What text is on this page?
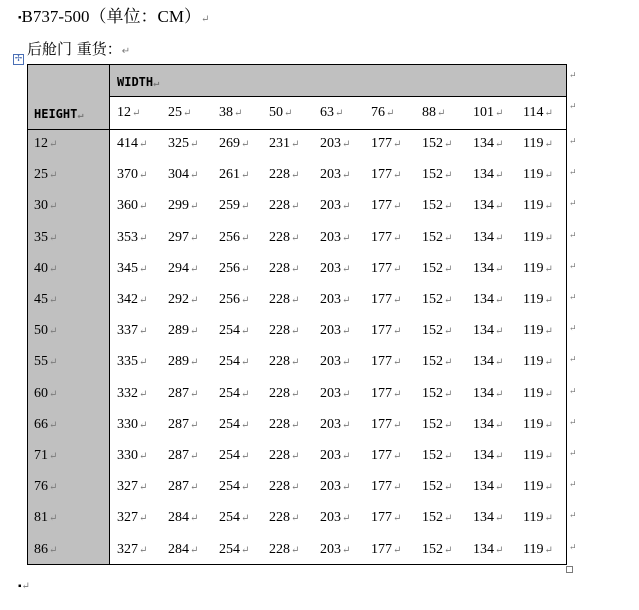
▪B737-500（单位：CM）↵
后舱门 重货：↵
✢
WIDTH↵
HEIGHT↵ 12↵ 25↵ 38↵ 50↵ 63↵ 76↵ 88↵ 101↵ 114↵
12↵	414↵ 325↵ 269↵ 231↵ 203↵ 177↵ 152↵ 134↵ 119↵
25↵	370↵ 304↵ 261↵ 228↵ 203↵ 177↵ 152↵ 134↵ 119↵
30↵	360↵ 299↵ 259↵ 228↵ 203↵ 177↵ 152↵ 134↵ 119↵
35↵	353↵ 297↵ 256↵ 228↵ 203↵ 177↵ 152↵ 134↵ 119↵
40↵	345↵ 294↵ 256↵ 228↵ 203↵ 177↵ 152↵ 134↵ 119↵
45↵	342↵ 292↵ 256↵ 228↵ 203↵ 177↵ 152↵ 134↵ 119↵
50↵	337↵ 289↵ 254↵ 228↵ 203↵ 177↵ 152↵ 134↵ 119↵
55↵	335↵ 289↵ 254↵ 228↵ 203↵ 177↵ 152↵ 134↵ 119↵
60↵	332↵ 287↵ 254↵ 228↵ 203↵ 177↵ 152↵ 134↵ 119↵
66↵	330↵ 287↵ 254↵ 228↵ 203↵ 177↵ 152↵ 134↵ 119↵
71↵	330↵ 287↵ 254↵ 228↵ 203↵ 177↵ 152↵ 134↵ 119↵
76↵	327↵ 287↵ 254↵ 228↵ 203↵ 177↵ 152↵ 134↵ 119↵
81↵	327↵ 284↵ 254↵ 228↵ 203↵ 177↵ 152↵ 134↵ 119↵
86↵	327↵ 284↵ 254↵ 228↵ 203↵ 177↵ 152↵ 134↵ 119↵
↵
↵
↵
↵
↵
↵
↵
↵
↵
↵
↵
↵
↵
↵
↵
↵
▪↵
